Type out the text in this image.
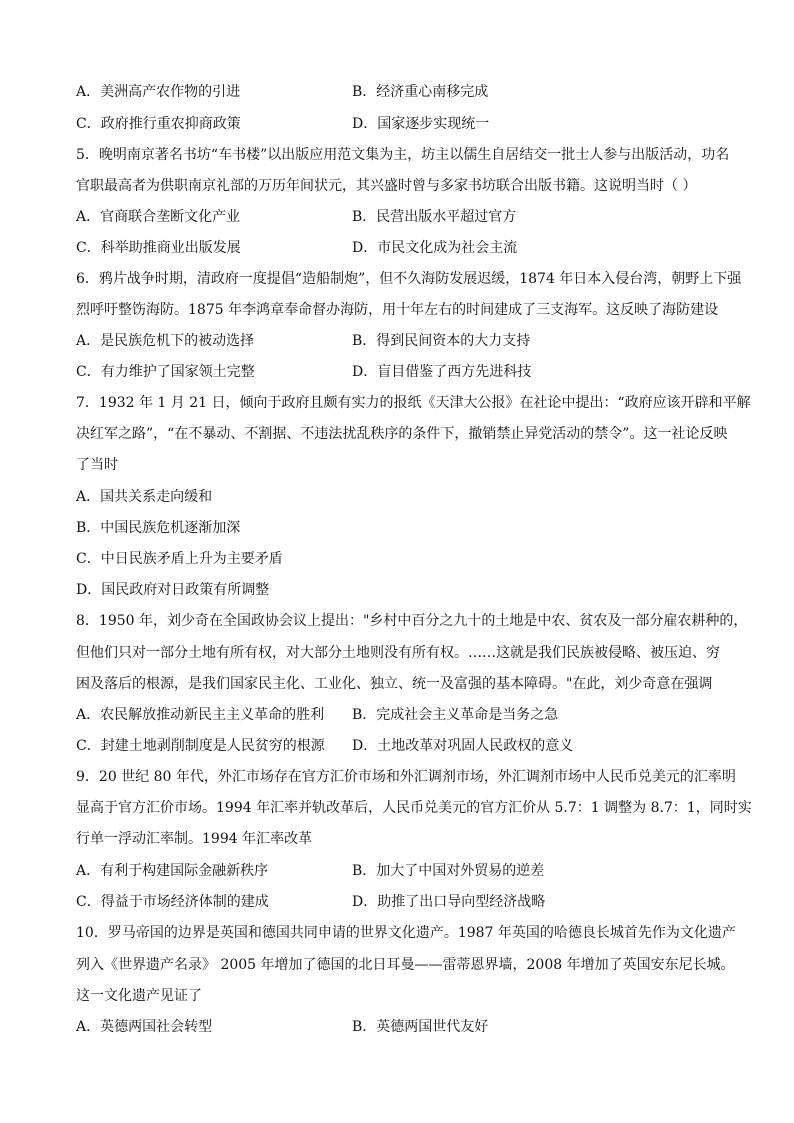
A．美洲高产农作物的引进	B．经济重心南移完成
C．政府推行重农抑商政策	D．国家逐步实现统一
5．晚明南京著名书坊“车书楼”以出版应用范文集为主，坊主以儒生自居结交一批士人参与出版活动，功名
官职最高者为供职南京礼部的万历年间状元，其兴盛时曾与多家书坊联合出版书籍。这说明当时（ ）
A．官商联合垄断文化产业	B．民营出版水平超过官方
C．科举助推商业出版发展	D．市民文化成为社会主流
6．鸦片战争时期，清政府一度提倡“造船制炮”，但不久海防发展迟缓，1874 年日本入侵台湾，朝野上下强
烈呼吁整饬海防。1875 年李鸿章奉命督办海防，用十年左右的时间建成了三支海军。这反映了海防建设
A．是民族危机下的被动选择	B．得到民间资本的大力支持
C．有力维护了国家领土完整	D．盲目借鉴了西方先进科技
7．1932 年 1 月 21 日，倾向于政府且颇有实力的报纸《天津大公报》在社论中提出：“政府应该开辟和平解
决红军之路”，“在不暴动、不割据、不违法扰乱秩序的条件下，撤销禁止异党活动的禁令”。这一社论反映
了当时
A．国共关系走向缓和
B．中国民族危机逐渐加深
C．中日民族矛盾上升为主要矛盾
D．国民政府对日政策有所调整
8．1950 年，刘少奇在全国政协会议上提出："乡村中百分之九十的土地是中农、贫农及一部分雇农耕种的，
但他们只对一部分土地有所有权，对大部分土地则没有所有权。……这就是我们民族被侵略、被压迫、穷
困及落后的根源，是我们国家民主化、工业化、独立、统一及富强的基本障碍。"在此，刘少奇意在强调
A．农民解放推动新民主主义革命的胜利 B．完成社会主义革命是当务之急
C．封建土地剥削制度是人民贫穷的根源 D．土地改革对巩固人民政权的意义
9．20 世纪 80 年代，外汇市场存在官方汇价市场和外汇调剂市场，外汇调剂市场中人民币兑美元的汇率明
显高于官方汇价市场。1994 年汇率并轨改革后，人民币兑美元的官方汇价从 5.7：1 调整为 8.7：1，同时实
行单一浮动汇率制。1994 年汇率改革
A．有利于构建国际金融新秩序	B．加大了中国对外贸易的逆差
C．得益于市场经济体制的建成	D．助推了出口导向型经济战略
10．罗马帝国的边界是英国和德国共同申请的世界文化遗产。1987 年英国的哈德良长城首先作为文化遗产
列入《世界遗产名录》 2005 年增加了德国的北日耳曼——雷蒂恩界墙，2008 年增加了英国安东尼长城。
这一文化遗产见证了
A．英德两国社会转型	B．英德两国世代友好
